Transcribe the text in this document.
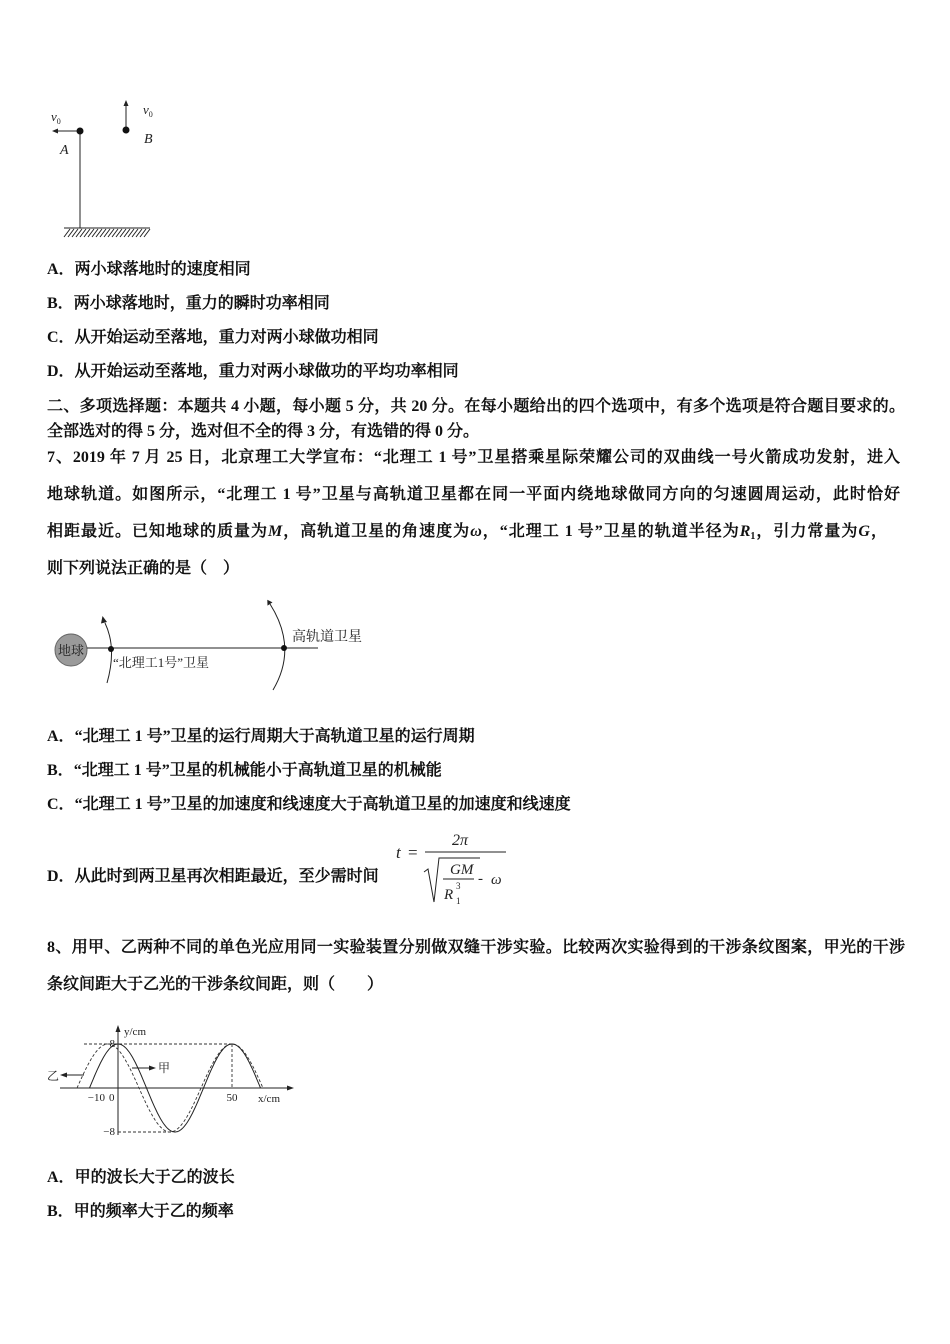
$v_0$
A
$v_0$
B
A．两小球落地时的速度相同
B．两小球落地时，重力的瞬时功率相同
C．从开始运动至落地，重力对两小球做功相同
D．从开始运动至落地，重力对两小球做功的平均功率相同
二、多项选择题：本题共 4 小题，每小题 5 分，共 20 分。在每小题给出的四个选项中，有多个选项是符合题目要求的。
全部选对的得 5 分，选对但不全的得 3 分，有选错的得 0 分。
7、2019 年 7 月 25 日，北京理工大学宣布：“北理工 1 号”卫星搭乘星际荣耀公司的双曲线一号火箭成功发射，进入
地球轨道。如图所示，“北理工 1 号”卫星与高轨道卫星都在同一平面内绕地球做同方向的匀速圆周运动，此时恰好
相距最近。已知地球的质量为M，高轨道卫星的角速度为ω，“北理工 1 号”卫星的轨道半径为$R_1$，引力常量为G，
则下列说法正确的是（    ）
地球
高轨道卫星
“北理工1号”卫星
A．“北理工 1 号”卫星的运行周期大于高轨道卫星的运行周期
B．“北理工 1 号”卫星的机械能小于高轨道卫星的机械能
C．“北理工 1 号”卫星的加速度和线速度大于高轨道卫星的加速度和线速度
D．从此时到两卫星再次相距最近，至少需时间
t =
2π
GM
R
3
1
- ω
8、用甲、乙两种不同的单色光应用同一实验装置分别做双缝干涉实验。比较两次实验得到的干涉条纹图案，甲光的干涉
条纹间距大于乙光的干涉条纹间距，则（        ）
y/cm
x/cm
8
−8
−10 0	50
乙
甲
A．甲的波长大于乙的波长
B．甲的频率大于乙的频率
